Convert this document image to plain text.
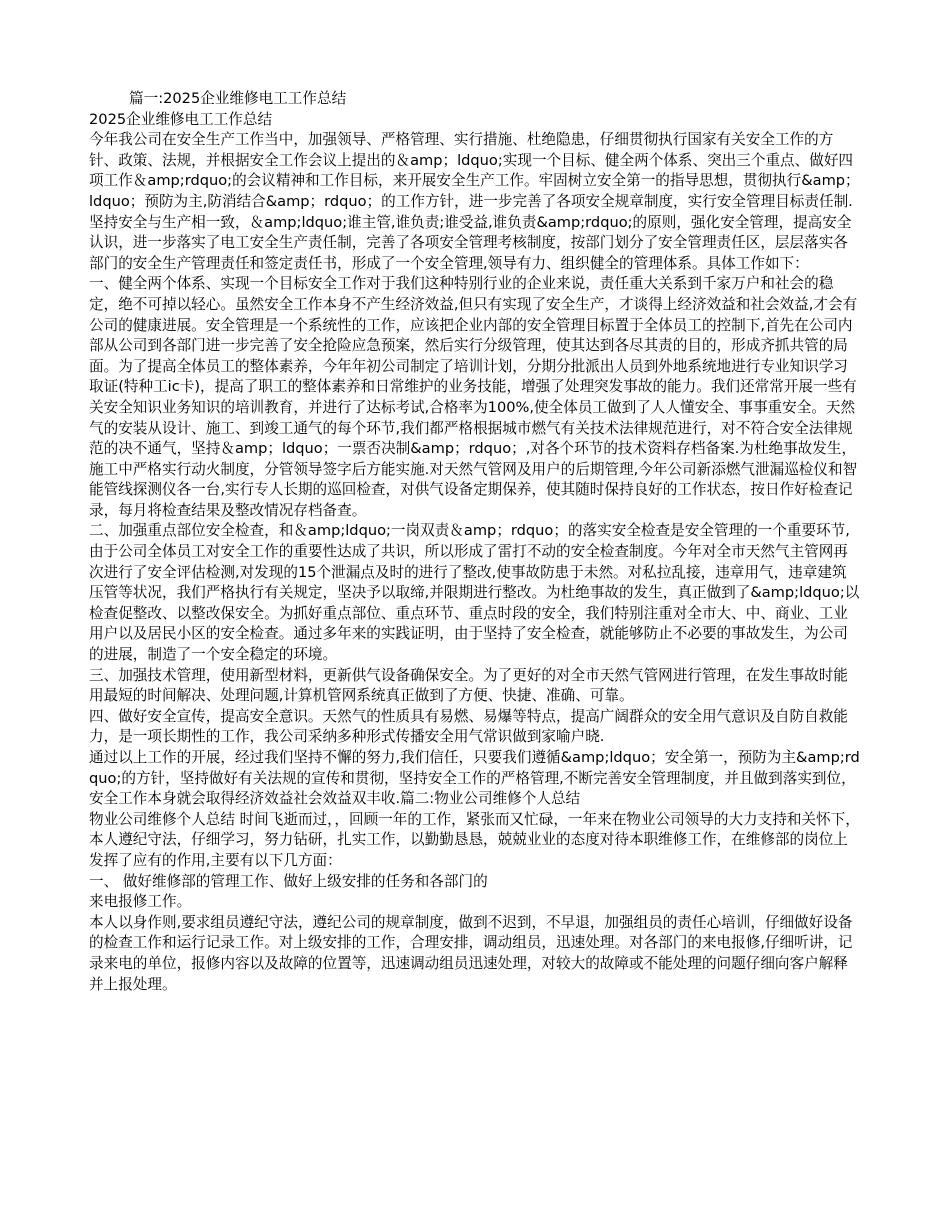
篇一:2025企业维修电工工作总结

2025企业维修电工工作总结

今年我公司在安全生产工作当中，加强领导、严格管理、实行措施、杜绝隐患，仔细贯彻执行国家有关安全工作的方针、政策、法规，并根据安全工作会议上提出的＆amp；ldquo;实现一个目标、健全两个体系、突出三个重点、做好四项工作＆amp;rdquo;的会议精神和工作目标，来开展安全生产工作。牢固树立安全第一的指导思想，贯彻执行&amp；ldquo；预防为主,防消结合&amp；rdquo；的工作方针，进一步完善了各项安全规章制度，实行安全管理目标责任制.坚持安全与生产相一致，＆amp;ldquo;谁主管,谁负责;谁受益,谁负责&amp;rdquo;的原则，强化安全管理，提高安全认识，进一步落实了电工安全生产责任制，完善了各项安全管理考核制度，按部门划分了安全管理责任区，层层落实各部门的安全生产管理责任和签定责任书，形成了一个安全管理,领导有力、组织健全的管理体系。具体工作如下：

一、健全两个体系、实现一个目标安全工作对于我们这种特别行业的企业来说，责任重大关系到千家万户和社会的稳定，绝不可掉以轻心。虽然安全工作本身不产生经济效益,但只有实现了安全生产，才谈得上经济效益和社会效益,才会有公司的健康进展。安全管理是一个系统性的工作，应该把企业内部的安全管理目标置于全体员工的控制下,首先在公司内部从公司到各部门进一步完善了安全抢险应急预案，然后实行分级管理，使其达到各尽其责的目的，形成齐抓共管的局面。为了提高全体员工的整体素养，今年年初公司制定了培训计划，分期分批派出人员到外地系统地进行专业知识学习取证(特种工ic卡)，提高了职工的整体素养和日常维护的业务技能，增强了处理突发事故的能力。我们还常常开展一些有关安全知识业务知识的培训教育，并进行了达标考试,合格率为100%,使全体员工做到了人人懂安全、事事重安全。天然气的安装从设计、施工、到竣工通气的每个环节,我们都严格根据城市燃气有关技术法律规范进行，对不符合安全法律规范的决不通气，坚持＆amp；ldquo；一票否决制&amp；rdquo；,对各个环节的技术资料存档备案.为杜绝事故发生，施工中严格实行动火制度，分管领导签字后方能实施.对天然气管网及用户的后期管理,今年公司新添燃气泄漏巡检仪和智能管线探测仪各一台,实行专人长期的巡回检查，对供气设备定期保养，使其随时保持良好的工作状态，按日作好检查记录，每月将检查结果及整改情况存档备查。

二、加强重点部位安全检查，和＆amp;ldquo;一岗双责＆amp；rdquo；的落实安全检查是安全管理的一个重要环节,由于公司全体员工对安全工作的重要性达成了共识，所以形成了雷打不动的安全检查制度。今年对全市天然气主管网再次进行了安全评估检测,对发现的15个泄漏点及时的进行了整改,使事故防患于未然。对私拉乱接，违章用气，违章建筑压管等状况，我们严格执行有关规定，坚决予以取缔,并限期进行整改。为杜绝事故的发生，真正做到了&amp;ldquo;以检查促整改、以整改保安全。为抓好重点部位、重点环节、重点时段的安全，我们特别注重对全市大、中、商业、工业用户以及居民小区的安全检查。通过多年来的实践证明，由于坚持了安全检查，就能够防止不必要的事故发生，为公司的进展，制造了一个安全稳定的环境。

三、加强技术管理，使用新型材料，更新供气设备确保安全。为了更好的对全市天然气管网进行管理，在发生事故时能用最短的时间解决、处理问题,计算机管网系统真正做到了方便、快捷、准确、可靠。

四、做好安全宣传，提高安全意识。天然气的性质具有易燃、易爆等特点，提高广阔群众的安全用气意识及自防自救能力，是一项长期性的工作，我公司采纳多种形式传播安全用气常识做到家喻户晓.

通过以上工作的开展，经过我们坚持不懈的努力,我们信任，只要我们遵循&amp;ldquo；安全第一，预防为主&amp;rdquo;的方针，坚持做好有关法规的宣传和贯彻，坚持安全工作的严格管理,不断完善安全管理制度，并且做到落实到位，安全工作本身就会取得经济效益社会效益双丰收.篇二:物业公司维修个人总结

物业公司维修个人总结 时间飞逝而过，，回顾一年的工作，紧张而又忙碌，一年来在物业公司领导的大力支持和关怀下，本人遵纪守法，仔细学习，努力钻研，扎实工作，以勤勤恳恳，兢兢业业的态度对待本职维修工作，在维修部的岗位上发挥了应有的作用,主要有以下几方面：

一、 做好维修部的管理工作、做好上级安排的任务和各部门的

来电报修工作。

本人以身作则,要求组员遵纪守法，遵纪公司的规章制度，做到不迟到，不早退，加强组员的责任心培训，仔细做好设备的检查工作和运行记录工作。对上级安排的工作，合理安排，调动组员，迅速处理。对各部门的来电报修,仔细听讲，记录来电的单位，报修内容以及故障的位置等，迅速调动组员迅速处理，对较大的故障或不能处理的问题仔细向客户解释并上报处理。
